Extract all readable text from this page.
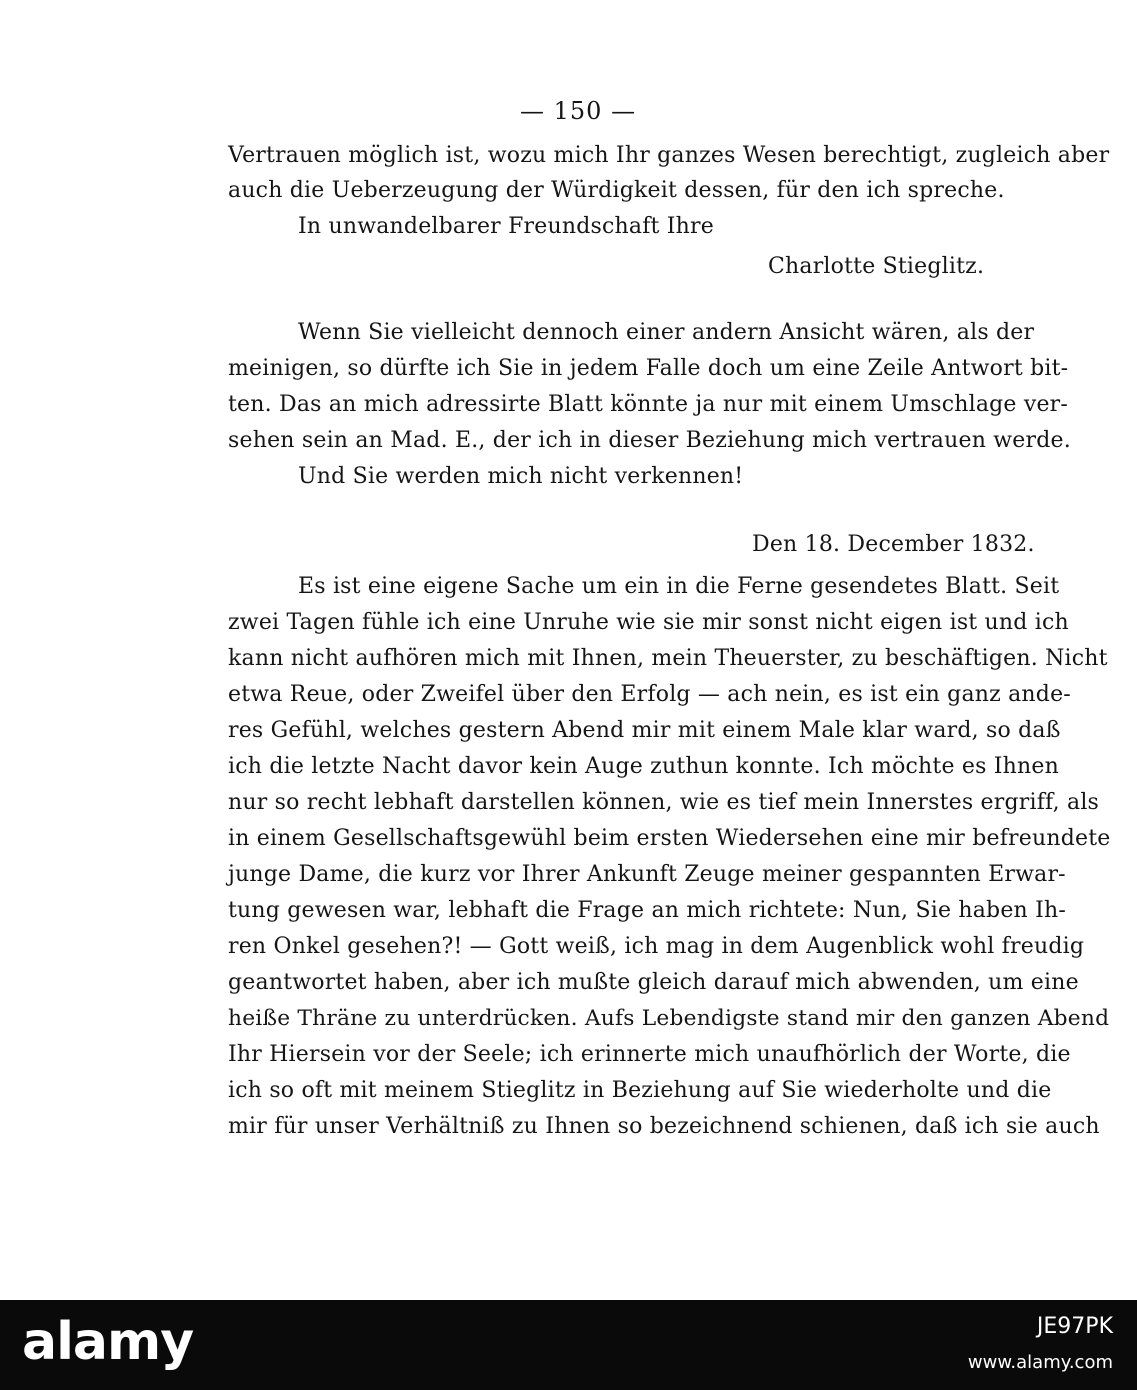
— 150 —
Vertrauen möglich ist, wozu mich Ihr ganzes Wesen berechtigt, zugleich aber
auch die Ueberzeugung der Würdigkeit dessen, für den ich spreche.
In unwandelbarer Freundschaft Ihre
Charlotte Stieglitz.
Wenn Sie vielleicht dennoch einer andern Ansicht wären, als der
meinigen, so dürfte ich Sie in jedem Falle doch um eine Zeile Antwort bit-
ten. Das an mich adressirte Blatt könnte ja nur mit einem Umschlage ver-
sehen sein an Mad. E., der ich in dieser Beziehung mich vertrauen werde.
Und Sie werden mich nicht verkennen!
Den 18. December 1832.
Es ist eine eigene Sache um ein in die Ferne gesendetes Blatt. Seit
zwei Tagen fühle ich eine Unruhe wie sie mir sonst nicht eigen ist und ich
kann nicht aufhören mich mit Ihnen, mein Theuerster, zu beschäftigen. Nicht
etwa Reue, oder Zweifel über den Erfolg — ach nein, es ist ein ganz ande-
res Gefühl, welches gestern Abend mir mit einem Male klar ward, so daß
ich die letzte Nacht davor kein Auge zuthun konnte. Ich möchte es Ihnen
nur so recht lebhaft darstellen können, wie es tief mein Innerstes ergriff, als
in einem Gesellschaftsgewühl beim ersten Wiedersehen eine mir befreundete
junge Dame, die kurz vor Ihrer Ankunft Zeuge meiner gespannten Erwar-
tung gewesen war, lebhaft die Frage an mich richtete: Nun, Sie haben Ih-
ren Onkel gesehen?! — Gott weiß, ich mag in dem Augenblick wohl freudig
geantwortet haben, aber ich mußte gleich darauf mich abwenden, um eine
heiße Thräne zu unterdrücken. Aufs Lebendigste stand mir den ganzen Abend
Ihr Hiersein vor der Seele; ich erinnerte mich unaufhörlich der Worte, die
ich so oft mit meinem Stieglitz in Beziehung auf Sie wiederholte und die
mir für unser Verhältniß zu Ihnen so bezeichnend schienen, daß ich sie auch
alamy	JE97PK
www.alamy.com
